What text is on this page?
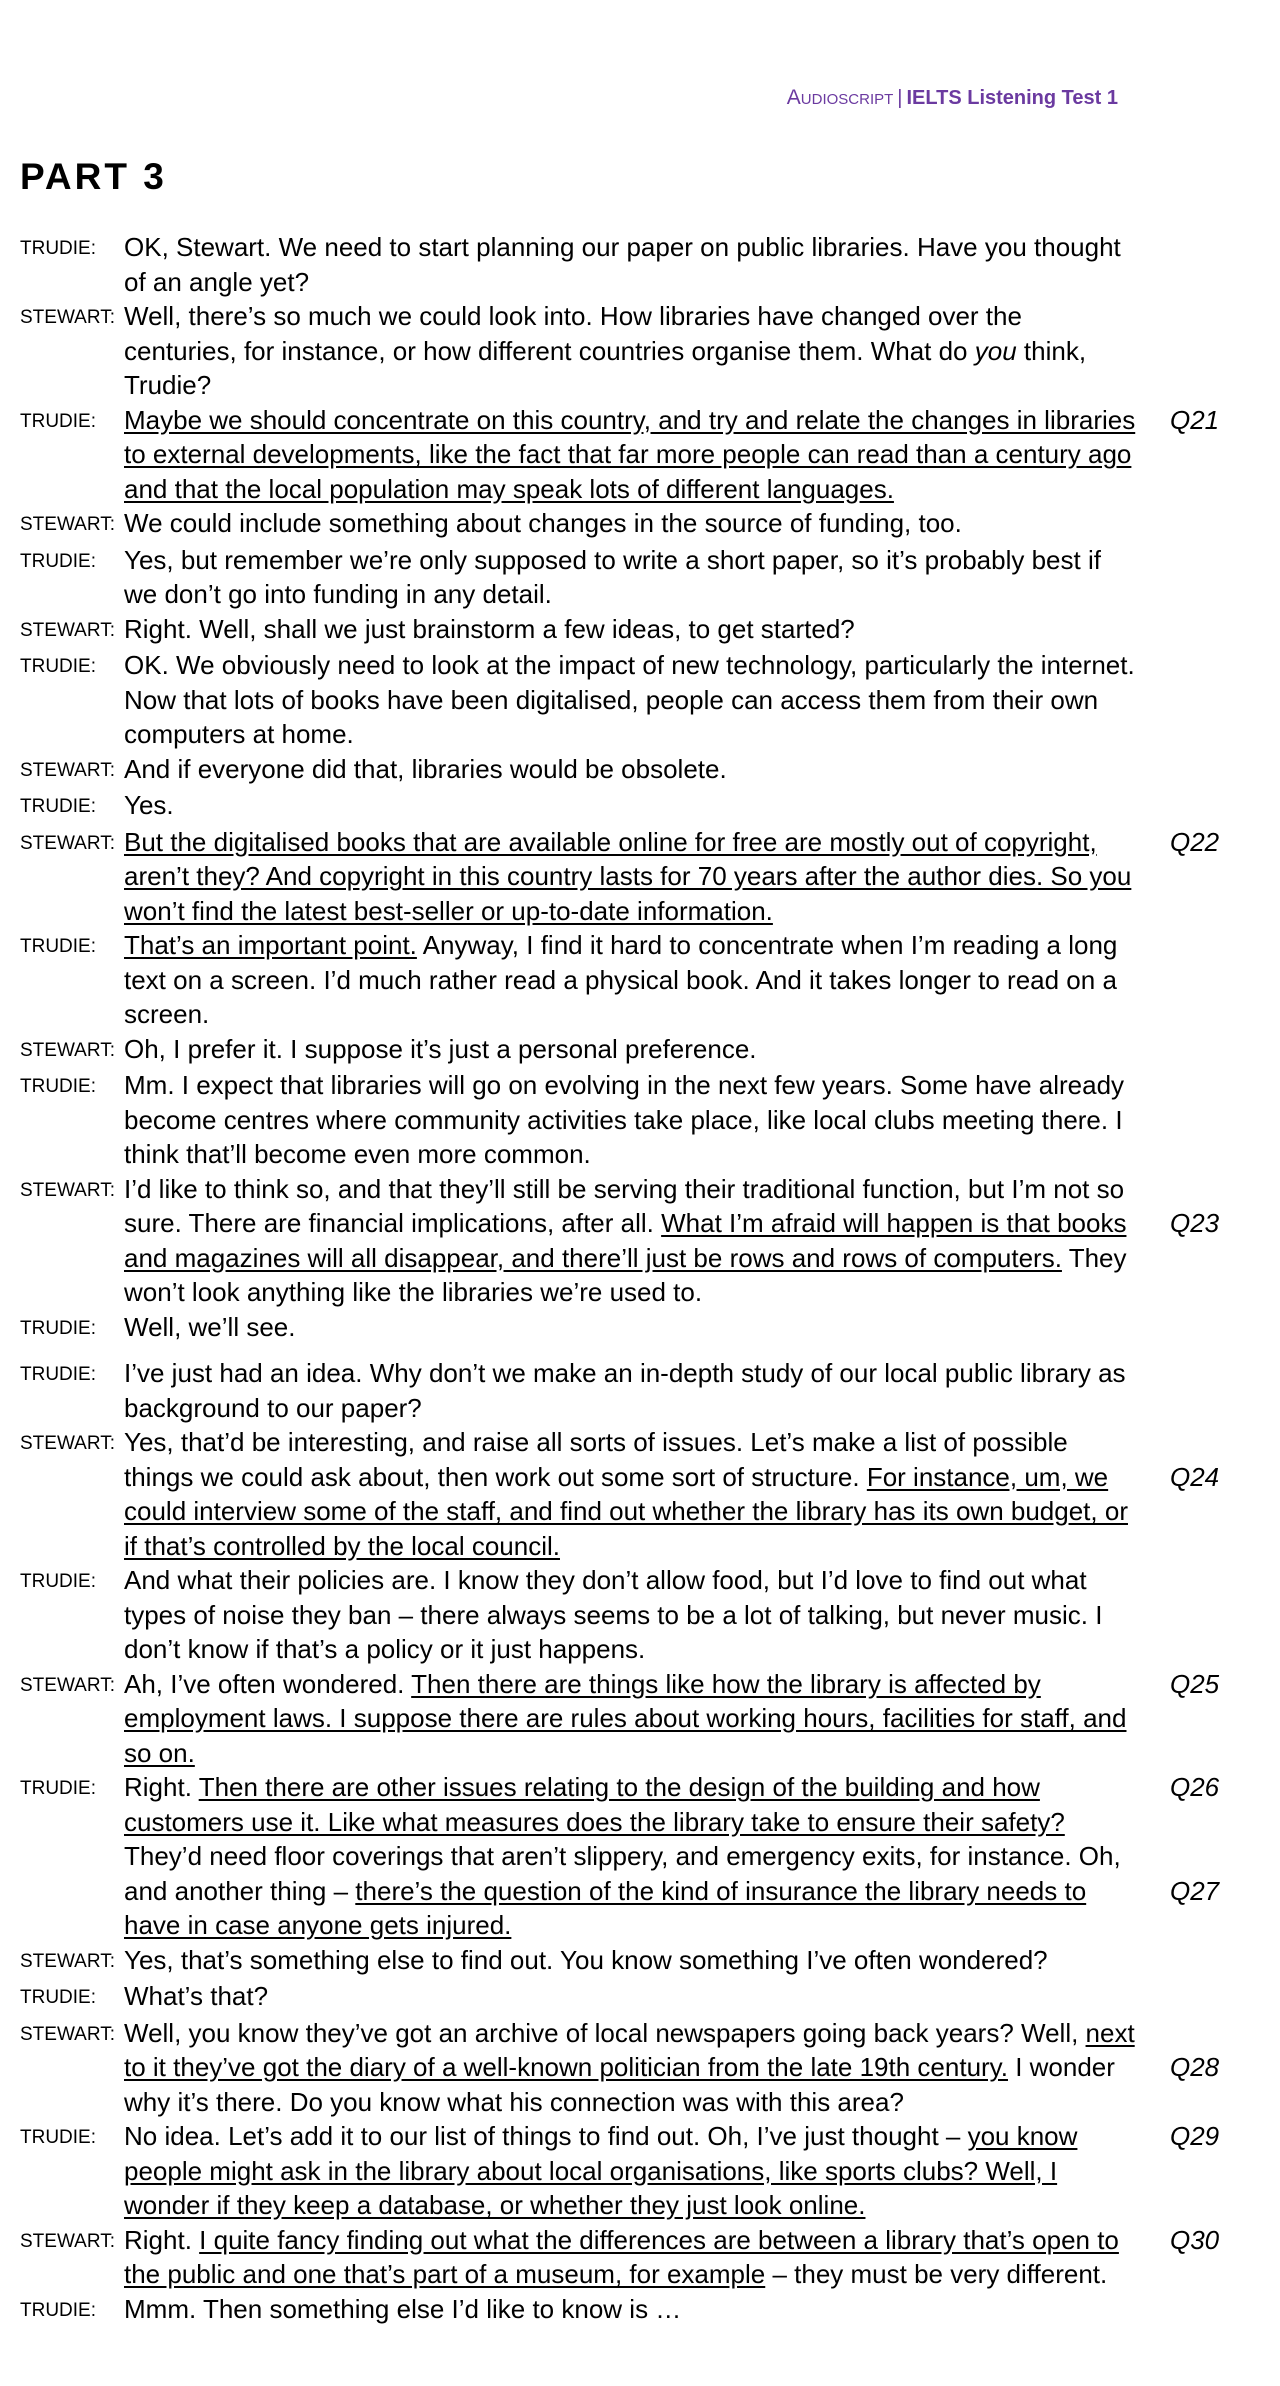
Audioscript | IELTS Listening Test 1
PART 3
TRUDIE:	OK, Stewart. We need to start planning our paper on public libraries. Have you thought of an angle yet?
STEWART: Well, there’s so much we could look into. How libraries have changed over the centuries, for instance, or how different countries organise them. What do you think, Trudie?
TRUDIE:	Maybe we should concentrate on this country, and try and relate the changes in libraries to external developments, like the fact that far more people can read than a century ago and that the local population may speak lots of different languages.
Q21
STEWART: We could include something about changes in the source of funding, too.
TRUDIE:	Yes, but remember we’re only supposed to write a short paper, so it’s probably best if we don’t go into funding in any detail.
STEWART: Right. Well, shall we just brainstorm a few ideas, to get started?
TRUDIE:	OK. We obviously need to look at the impact of new technology, particularly the internet. Now that lots of books have been digitalised, people can access them from their own computers at home.
STEWART: And if everyone did that, libraries would be obsolete.
TRUDIE:	Yes.
STEWART: But the digitalised books that are available online for free are mostly out of copyright, aren’t they? And copyright in this country lasts for 70 years after the author dies. So you won’t find the latest best-seller or up-to-date information.
Q22
TRUDIE:	That’s an important point. Anyway, I find it hard to concentrate when I’m reading a long text on a screen. I’d much rather read a physical book. And it takes longer to read on a screen.
STEWART: Oh, I prefer it. I suppose it’s just a personal preference.
TRUDIE:	Mm. I expect that libraries will go on evolving in the next few years. Some have already become centres where community activities take place, like local clubs meeting there. I think that’ll become even more common.
STEWART: I’d like to think so, and that they’ll still be serving their traditional function, but I’m not so sure. There are financial implications, after all. What I’m afraid will happen is that books and magazines will all disappear, and there’ll just be rows and rows of computers. They won’t look anything like the libraries we’re used to.
Q23
TRUDIE:	Well, we’ll see.
TRUDIE:	I’ve just had an idea. Why don’t we make an in-depth study of our local public library as background to our paper?
STEWART: Yes, that’d be interesting, and raise all sorts of issues. Let’s make a list of possible things we could ask about, then work out some sort of structure. For instance, um, we could interview some of the staff, and find out whether the library has its own budget, or if that’s controlled by the local council.
Q24
TRUDIE:	And what their policies are. I know they don’t allow food, but I’d love to find out what types of noise they ban – there always seems to be a lot of talking, but never music. I don’t know if that’s a policy or it just happens.
STEWART: Ah, I’ve often wondered. Then there are things like how the library is affected by employment laws. I suppose there are rules about working hours, facilities for staff, and so on.
Q25
TRUDIE:	Right. Then there are other issues relating to the design of the building and how customers use it. Like what measures does the library take to ensure their safety? They’d need floor coverings that aren’t slippery, and emergency exits, for instance. Oh, and another thing – there’s the question of the kind of insurance the library needs to have in case anyone gets injured.
Q26
Q27
STEWART: Yes, that’s something else to find out. You know something I’ve often wondered?
TRUDIE:	What’s that?
STEWART: Well, you know they’ve got an archive of local newspapers going back years? Well, next to it they’ve got the diary of a well-known politician from the late 19th century. I wonder why it’s there. Do you know what his connection was with this area?
Q28
TRUDIE:	No idea. Let’s add it to our list of things to find out. Oh, I’ve just thought – you know people might ask in the library about local organisations, like sports clubs? Well, I wonder if they keep a database, or whether they just look online.
Q29
STEWART: Right. I quite fancy finding out what the differences are between a library that’s open to the public and one that’s part of a museum, for example – they must be very different.
Q30
TRUDIE:	Mmm. Then something else I’d like to know is …
